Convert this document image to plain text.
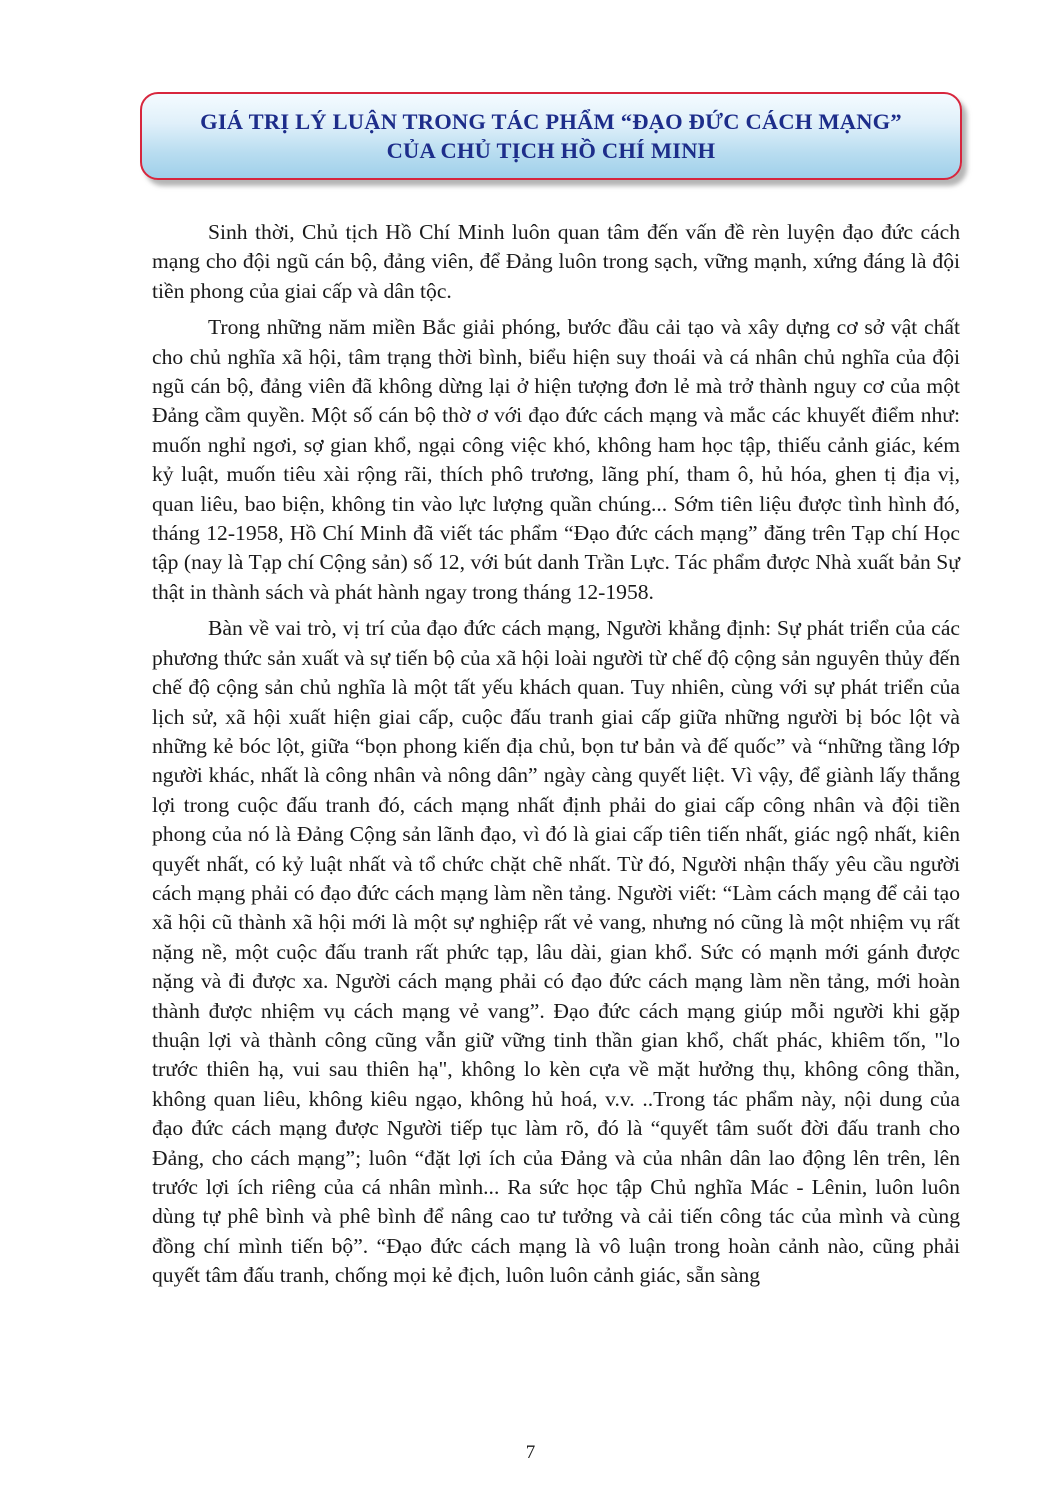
GIÁ TRỊ LÝ LUẬN TRONG TÁC PHẨM “ĐẠO ĐỨC CÁCH MẠNG”
CỦA CHỦ TỊCH HỒ CHÍ MINH

Sinh thời, Chủ tịch Hồ Chí Minh luôn quan tâm đến vấn đề rèn luyện đạo đức cách mạng cho đội ngũ cán bộ, đảng viên, để Đảng luôn trong sạch, vững mạnh, xứng đáng là đội tiền phong của giai cấp và dân tộc.

Trong những năm miền Bắc giải phóng, bước đầu cải tạo và xây dựng cơ sở vật chất cho chủ nghĩa xã hội, tâm trạng thời bình, biểu hiện suy thoái và cá nhân chủ nghĩa của đội ngũ cán bộ, đảng viên đã không dừng lại ở hiện tượng đơn lẻ mà trở thành nguy cơ của một Đảng cầm quyền. Một số cán bộ thờ ơ với đạo đức cách mạng và mắc các khuyết điểm như: muốn nghỉ ngơi, sợ gian khổ, ngại công việc khó, không ham học tập, thiếu cảnh giác, kém kỷ luật, muốn tiêu xài rộng rãi, thích phô trương, lãng phí, tham ô, hủ hóa, ghen tị địa vị, quan liêu, bao biện, không tin vào lực lượng quần chúng... Sớm tiên liệu được tình hình đó, tháng 12-1958, Hồ Chí Minh đã viết tác phẩm “Đạo đức cách mạng” đăng trên Tạp chí Học tập (nay là Tạp chí Cộng sản) số 12, với bút danh Trần Lực. Tác phẩm được Nhà xuất bản Sự thật in thành sách và phát hành ngay trong tháng 12-1958.

Bàn về vai trò, vị trí của đạo đức cách mạng, Người khẳng định: Sự phát triển của các phương thức sản xuất và sự tiến bộ của xã hội loài người từ chế độ cộng sản nguyên thủy đến chế độ cộng sản chủ nghĩa là một tất yếu khách quan. Tuy nhiên, cùng với sự phát triển của lịch sử, xã hội xuất hiện giai cấp, cuộc đấu tranh giai cấp giữa những người bị bóc lột và những kẻ bóc lột, giữa “bọn phong kiến địa chủ, bọn tư bản và đế quốc” và “những tầng lớp người khác, nhất là công nhân và nông dân” ngày càng quyết liệt. Vì vậy, để giành lấy thắng lợi trong cuộc đấu tranh đó, cách mạng nhất định phải do giai cấp công nhân và đội tiền phong của nó là Đảng Cộng sản lãnh đạo, vì đó là giai cấp tiên tiến nhất, giác ngộ nhất, kiên quyết nhất, có kỷ luật nhất và tổ chức chặt chẽ nhất. Từ đó, Người nhận thấy yêu cầu người cách mạng phải có đạo đức cách mạng làm nền tảng. Người viết: “Làm cách mạng để cải tạo xã hội cũ thành xã hội mới là một sự nghiệp rất vẻ vang, nhưng nó cũng là một nhiệm vụ rất nặng nề, một cuộc đấu tranh rất phức tạp, lâu dài, gian khổ. Sức có mạnh mới gánh được nặng và đi được xa. Người cách mạng phải có đạo đức cách mạng làm nền tảng, mới hoàn thành được nhiệm vụ cách mạng vẻ vang”. Đạo đức cách mạng giúp mỗi người khi gặp thuận lợi và thành công cũng vẫn giữ vững tinh thần gian khổ, chất phác, khiêm tốn, "lo trước thiên hạ, vui sau thiên hạ", không lo kèn cựa về mặt hưởng thụ, không công thần, không quan liêu, không kiêu ngạo, không hủ hoá, v.v. ..Trong tác phẩm này, nội dung của đạo đức cách mạng được Người tiếp tục làm rõ, đó là “quyết tâm suốt đời đấu tranh cho Đảng, cho cách mạng”; luôn “đặt lợi ích của Đảng và của nhân dân lao động lên trên, lên trước lợi ích riêng của cá nhân mình... Ra sức học tập Chủ nghĩa Mác - Lênin, luôn luôn dùng tự phê bình và phê bình để nâng cao tư tưởng và cải tiến công tác của mình và cùng đồng chí mình tiến bộ”. “Đạo đức cách mạng là vô luận trong hoàn cảnh nào, cũng phải quyết tâm đấu tranh, chống mọi kẻ địch, luôn luôn cảnh giác, sẵn sàng

7
